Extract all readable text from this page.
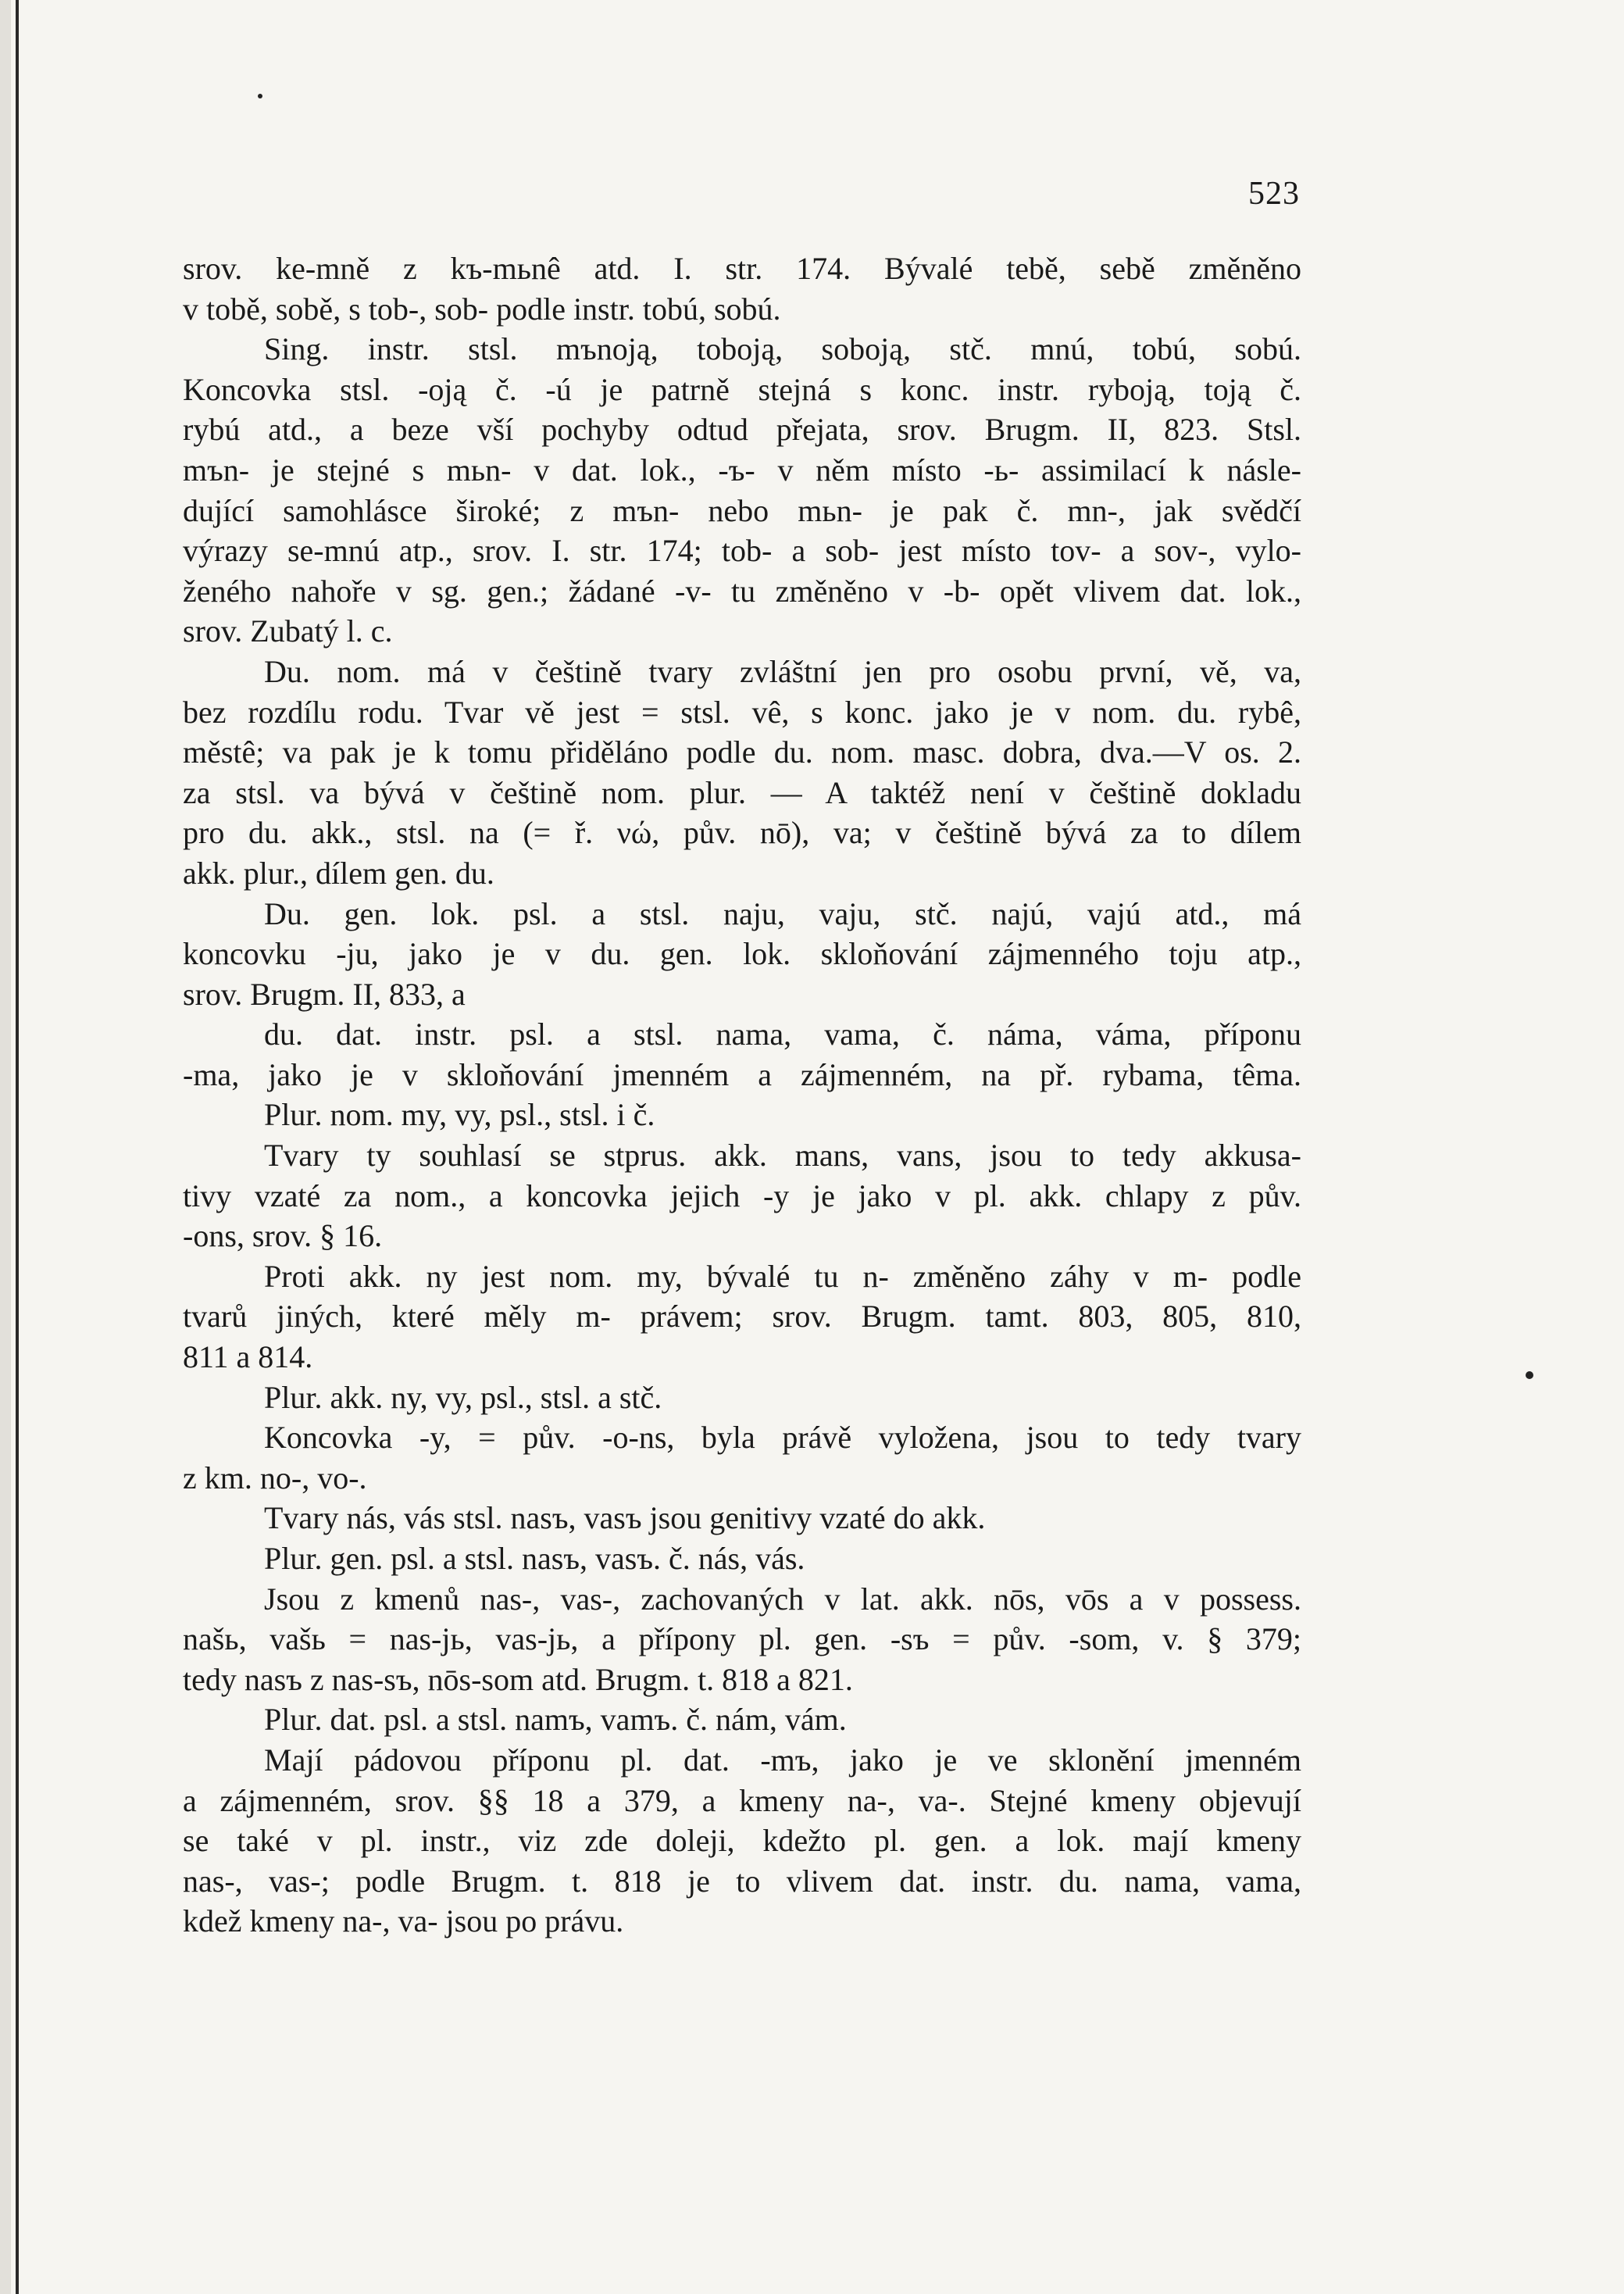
523
srov. ke-mně z kъ-mьnê atd. I. str. 174. Bývalé tebě, sebě změněno
v tobě, sobě, s tob-, sob- podle instr. tobú, sobú.
Sing. instr. stsl. mъnoją, toboją, soboją, stč. mnú, tobú, sobú.
Koncovka stsl. -oją č. -ú je patrně stejná s konc. instr. ryboją, toją č.
rybú atd., a beze vší pochyby odtud přejata, srov. Brugm. II, 823. Stsl.
mъn- je stejné s mьn- v dat. lok., -ъ- v něm místo -ь- assimilací k násle-
dující samohlásce široké; z mъn- nebo mьn- je pak č. mn-, jak svědčí
výrazy se-mnú atp., srov. I. str. 174; tob- a sob- jest místo tov- a sov-, vylo-
ženého nahoře v sg. gen.; žádané -v- tu změněno v -b- opět vlivem dat. lok.,
srov. Zubatý l. c.
Du. nom. má v češtině tvary zvláštní jen pro osobu první, vě, va,
bez rozdílu rodu. Tvar vě jest = stsl. vê, s konc. jako je v nom. du. rybê,
městê; va pak je k tomu přiděláno podle du. nom. masc. dobra, dva.—V os. 2.
za stsl. va bývá v češtině nom. plur. — A taktéž není v češtině dokladu
pro du. akk., stsl. na (= ř. νώ, pův. nō), va; v češtině bývá za to dílem
akk. plur., dílem gen. du.
Du. gen. lok. psl. a stsl. naju, vaju, stč. najú, vajú atd., má
koncovku -ju, jako je v du. gen. lok. skloňování zájmenného toju atp.,
srov. Brugm. II, 833, a
du. dat. instr. psl. a stsl. nama, vama, č. náma, váma, příponu
-ma, jako je v skloňování jmenném a zájmenném, na př. rybama, têma.
Plur. nom. my, vy, psl., stsl. i č.
Tvary ty souhlasí se stprus. akk. mans, vans, jsou to tedy akkusa-
tivy vzaté za nom., a koncovka jejich -y je jako v pl. akk. chlapy z pův.
-ons, srov. § 16.
Proti akk. ny jest nom. my, bývalé tu n- změněno záhy v m- podle
tvarů jiných, které měly m- právem; srov. Brugm. tamt. 803, 805, 810,
811 a 814.
Plur. akk. ny, vy, psl., stsl. a stč.
Koncovka -y, = pův. -o-ns, byla právě vyložena, jsou to tedy tvary
z km. no-, vo-.
Tvary nás, vás stsl. nasъ, vasъ jsou genitivy vzaté do akk.
Plur. gen. psl. a stsl. nasъ, vasъ. č. nás, vás.
Jsou z kmenů nas-, vas-, zachovaných v lat. akk. nōs, vōs a v possess.
našь, vašь = nas-jь, vas-jь, a přípony pl. gen. -sъ = pův. -som, v. § 379;
tedy nasъ z nas-sъ, nōs-som atd. Brugm. t. 818 a 821.
Plur. dat. psl. a stsl. namъ, vamъ. č. nám, vám.
Mají pádovou příponu pl. dat. -mъ, jako je ve sklonění jmenném
a zájmenném, srov. §§ 18 a 379, a kmeny na-, va-. Stejné kmeny objevují
se také v pl. instr., viz zde doleji, kdežto pl. gen. a lok. mají kmeny
nas-, vas-; podle Brugm. t. 818 je to vlivem dat. instr. du. nama, vama,
kdež kmeny na-, va- jsou po právu.
